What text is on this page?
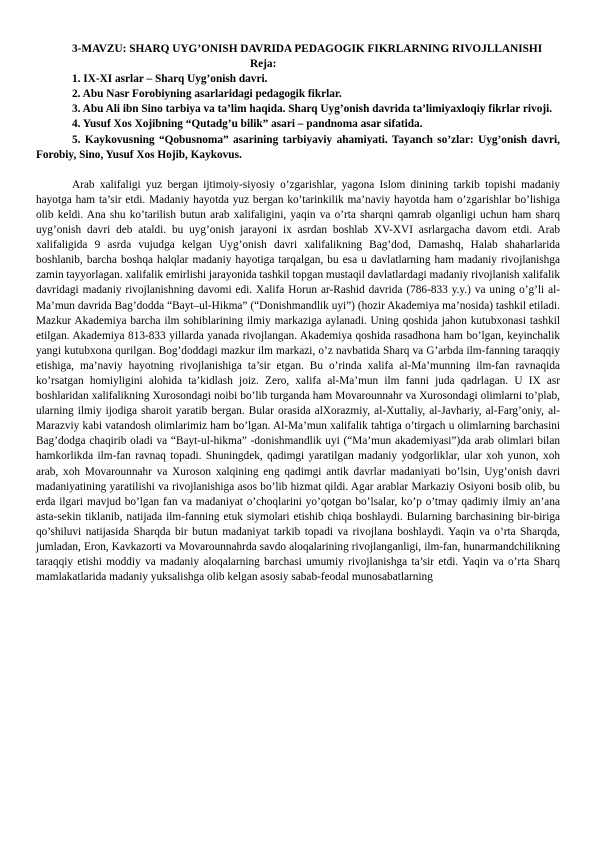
3-MAVZU: SHARQ UYG’ONISH DAVRIDA PEDAGOGIK FIKRLARNING RIVOJLLANISHI

Reja:

1. IX-XI asrlar – Sharq Uyg’onish davri.

2. Abu Nasr Forobiyning asarlaridagi pedagogik fikrlar.

3. Abu Ali ibn Sino tarbiya va ta’lim haqida. Sharq Uyg’onish davrida ta’limiyaxloqiy fikrlar rivoji.

4. Yusuf Xos Xojibning “Qutadg’u bilik” asari – pandnoma asar sifatida.

5. Kaykovusning “Qobusnoma” asarining tarbiyaviy ahamiyati. Tayanch so’zlar: Uyg’onish davri, Forobiy, Sino, Yusuf Xos Hojib, Kaykovus.

Arab xalifaligi yuz bergan ijtimoiy-siyosiy o’zgarishlar, yagona Islom dinining tarkib topishi madaniy hayotga ham ta’sir etdi. Madaniy hayotda yuz bergan ko’tarinkilik ma’naviy hayotda ham o’zgarishlar bo’lishiga olib keldi. Ana shu ko’tarilish butun arab xalifaligini, yaqin va o’rta sharqni qamrab olganligi uchun ham sharq uyg’onish davri deb ataldi. bu uyg’onish jarayoni ix asrdan boshlab XV-XVI asrlargacha davom etdi. Arab xalifaligida 9 asrda vujudga kelgan Uyg’onish davri xalifalikning Bag’dod, Damashq, Halab shaharlarida boshlanib, barcha boshqa halqlar madaniy hayotiga tarqalgan, bu esa u davlatlarning ham madaniy rivojlanishga zamin tayyorlagan. xalifalik emirlishi jarayonida tashkil topgan mustaqil davlatlardagi madaniy rivojlanish xalifalik davridagi madaniy rivojlanishning davomi edi. Xalifa Horun ar-Rashid davrida (786-833 y.y.) va uning o’g’li al-Ma’mun davrida Bag’dodda “Bayt–ul-Hikma” (“Donishmandlik uyi”) (hozir Akademiya ma’nosida) tashkil etiladi. Mazkur Akademiya barcha ilm sohiblarining ilmiy markaziga aylanadi. Uning qoshida jahon kutubxonasi tashkil etilgan. Akademiya 813-833 yillarda yanada rivojlangan. Akademiya qoshida rasadhona ham bo’lgan, keyinchalik yangi kutubxona qurilgan. Bog’doddagi mazkur ilm markazi, o’z navbatida Sharq va G’arbda ilm-fanning taraqqiy etishiga, ma’naviy hayotning rivojlanishiga ta’sir etgan. Bu o’rinda xalifa al-Ma’munning ilm-fan ravnaqida ko’rsatgan homiyligini alohida ta’kidlash joiz. Zero, xalifa al-Ma’mun ilm fanni juda qadrlagan. U IX asr boshlaridan xalifalikning Xurosondagi noibi bo’lib turganda ham Movarounnahr va Xurosondagi olimlarni to’plab, ularning ilmiy ijodiga sharoit yaratib bergan. Bular orasida alXorazmiy, al-Xuttaliy, al-Javhariy, al-Farg’oniy, al-Marazviy kabi vatandosh olimlarimiz ham bo’lgan. Al-Ma’mun xalifalik tahtiga o’tirgach u olimlarning barchasini Bag’dodga chaqirib oladi va “Bayt-ul-hikma” -donishmandlik uyi (“Ma’mun akademiyasi”)da arab olimlari bilan hamkorlikda ilm-fan ravnaq topadi. Shuningdek, qadimgi yaratilgan madaniy yodgorliklar, ular xoh yunon, xoh arab, xoh Movarounnahr va Xuroson xalqining eng qadimgi antik davrlar madaniyati bo’lsin, Uyg’onish davri madaniyatining yaratilishi va rivojlanishiga asos bo’lib hizmat qildi. Agar arablar Markaziy Osiyoni bosib olib, bu erda ilgari mavjud bo’lgan fan va madaniyat o’choqlarini yo’qotgan bo’lsalar, ko’p o’tmay qadimiy ilmiy an’ana asta-sekin tiklanib, natijada ilm-fanning etuk siymolari etishib chiqa boshlaydi. Bularning barchasining bir-biriga qo’shiluvi natijasida Sharqda bir butun madaniyat tarkib topadi va rivojlana boshlaydi. Yaqin va o’rta Sharqda, jumladan, Eron, Kavkazorti va Movarounnahrda savdo aloqalarining rivojlanganligi, ilm-fan, hunarmandchilikning taraqqiy etishi moddiy va madaniy aloqalarning barchasi umumiy rivojlanishga ta’sir etdi. Yaqin va o’rta Sharq mamlakatlarida madaniy yuksalishga olib kelgan asosiy sabab-feodal munosabatlarning
